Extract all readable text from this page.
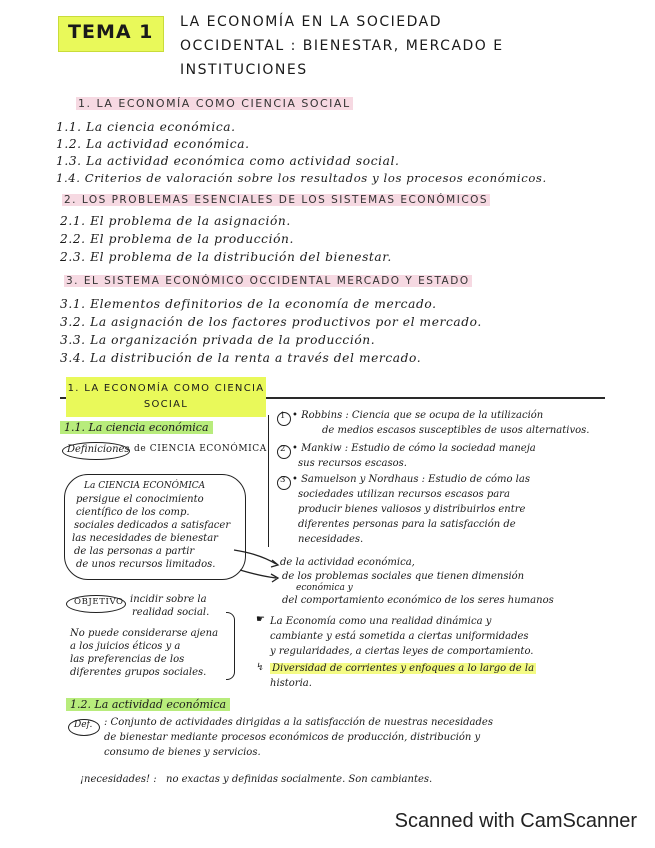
TEMA 1 LA ECONOMÍA EN LA SOCIEDAD
OCCIDENTAL : BIENESTAR, MERCADO E
INSTITUCIONES
1. LA ECONOMÍA COMO CIENCIA SOCIAL
1.1. La ciencia económica.
1.2. La actividad económica.
1.3. La actividad económica como actividad social.
1.4. Criterios de valoración sobre los resultados y los procesos económicos.
2. LOS PROBLEMAS ESENCIALES DE LOS SISTEMAS ECONÓMICOS
2.1. El problema de la asignación.
2.2. El problema de la producción.
2.3. El problema de la distribución del bienestar.
3. EL SISTEMA ECONÓMICO OCCIDENTAL MERCADO Y ESTADO
3.1. Elementos definitorios de la economía de mercado.
3.2. La asignación de los factores productivos por el mercado.
3.3. La organización privada de la producción.
3.4. La distribución de la renta a través del mercado.
1. LA ECONOMÍA COMO CIENCIA
SOCIAL
1.1. La ciencia económica
Definiciones de CIENCIA ECONÓMICA
1 • Robbins : Ciencia que se ocupa de la utilización
de medios escasos susceptibles de usos alternativos.
2 • Mankiw : Estudio de cómo la sociedad maneja
sus recursos escasos.
3 • Samuelson y Nordhaus : Estudio de cómo las
sociedades utilizan recursos escasos para
producir bienes valiosos y distribuirlos entre
diferentes personas para la satisfacción de
necesidades.
La CIENCIA ECONÓMICA
persigue el conocimiento
científico de los comp.
sociales dedicados a satisfacer
las necesidades de bienestar
de las personas a partir
de unos recursos limitados.	de la actividad económica,
de los problemas sociales que tienen dimensión
económica y
del comportamiento económico de los seres humanos
OBJETIVO incidir sobre la
realidad social.
No puede considerarse ajena
a los juicios éticos y a
las preferencias de los
diferentes grupos sociales.
☛ La Economía como una realidad dinámica y
cambiante y está sometida a ciertas uniformidades
y regularidades, a ciertas leyes de comportamiento.
↯ Diversidad de corrientes y enfoques a lo largo de la
historia.
1.2. La actividad económica
Def. : Conjunto de actividades dirigidas a la satisfacción de nuestras necesidades
de bienestar mediante procesos económicos de producción, distribución y
consumo de bienes y servicios.
¡necesidades! : no exactas y definidas socialmente. Son cambiantes.
Scanned with CamScanner
